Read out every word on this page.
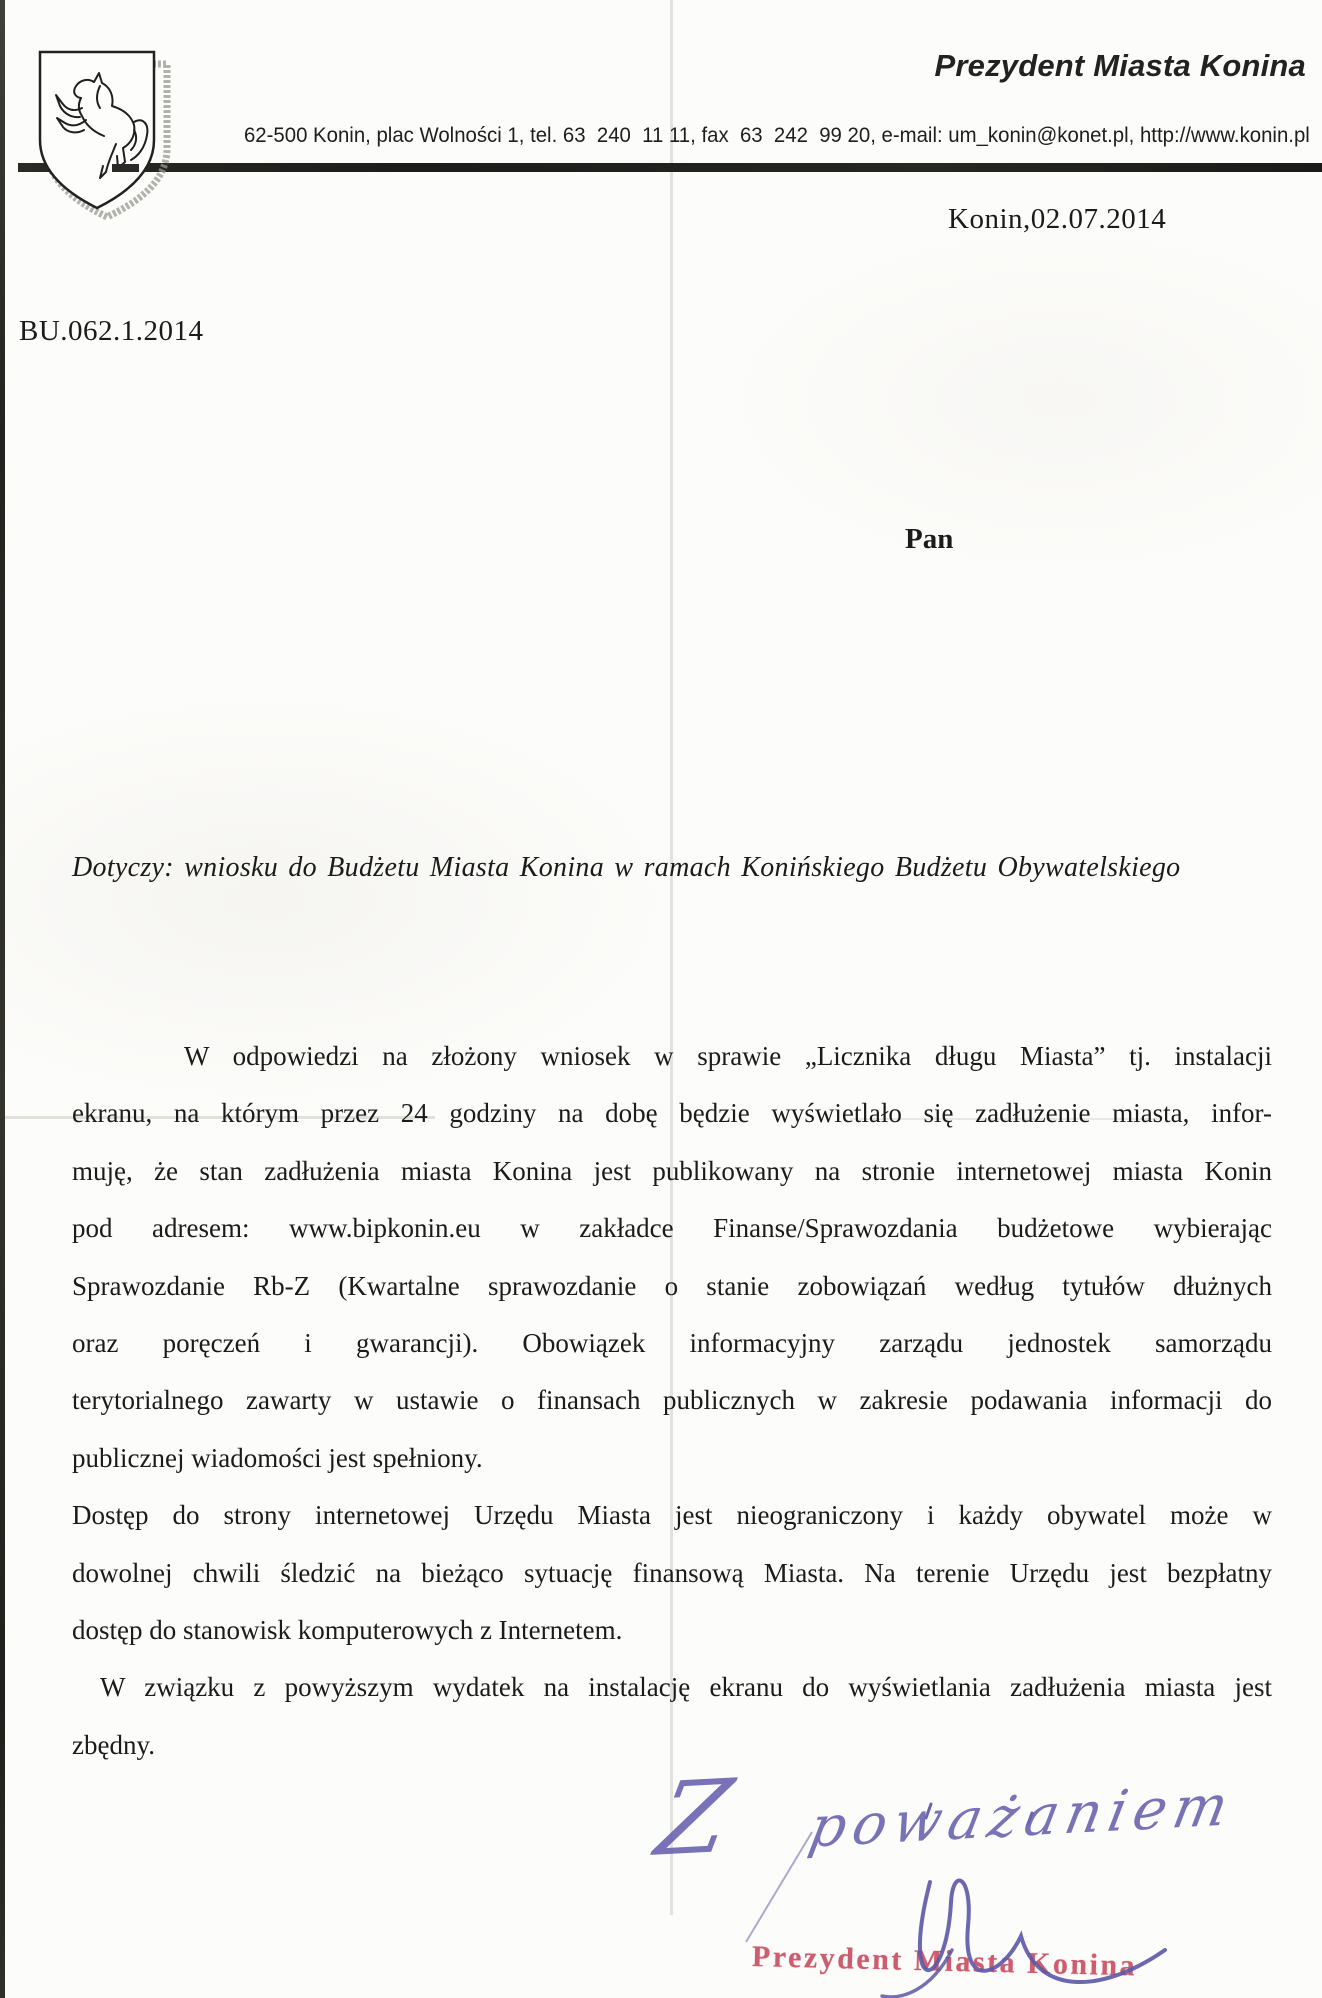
Prezydent Miasta Konina
62-500 Konin, plac Wolności 1, tel. 63  240  11 11, fax  63  242  99 20, e-mail: um_konin@konet.pl, http://www.konin.pl
Konin,02.07.2014
BU.062.1.2014
Pan
Dotyczy: wniosku do Budżetu Miasta Konina w ramach Konińskiego Budżetu Obywatelskiego
W odpowiedzi na złożony wniosek w sprawie „Licznika długu Miasta” tj. instalacji
ekranu, na którym przez 24 godziny na dobę będzie wyświetlało się zadłużenie miasta, infor-
muję, że stan zadłużenia miasta Konina jest publikowany na stronie internetowej miasta Konin
pod adresem: www.bipkonin.eu w zakładce Finanse/Sprawozdania budżetowe wybierając
Sprawozdanie Rb-Z (Kwartalne sprawozdanie o stanie zobowiązań według tytułów dłużnych
oraz poręczeń i gwarancji). Obowiązek informacyjny zarządu jednostek samorządu
terytorialnego zawarty w ustawie o finansach publicznych w zakresie podawania informacji do
publicznej wiadomości jest spełniony.
Dostęp do strony internetowej Urzędu Miasta jest nieograniczony i każdy obywatel może w
dowolnej chwili śledzić na bieżąco sytuację finansową Miasta. Na terenie Urzędu jest bezpłatny
dostęp do stanowisk komputerowych z Internetem.
W związku z powyższym wydatek na instalację ekranu do wyświetlania zadłużenia miasta jest
zbędny.
Z poważaniem
Prezydent Miasta Konina
